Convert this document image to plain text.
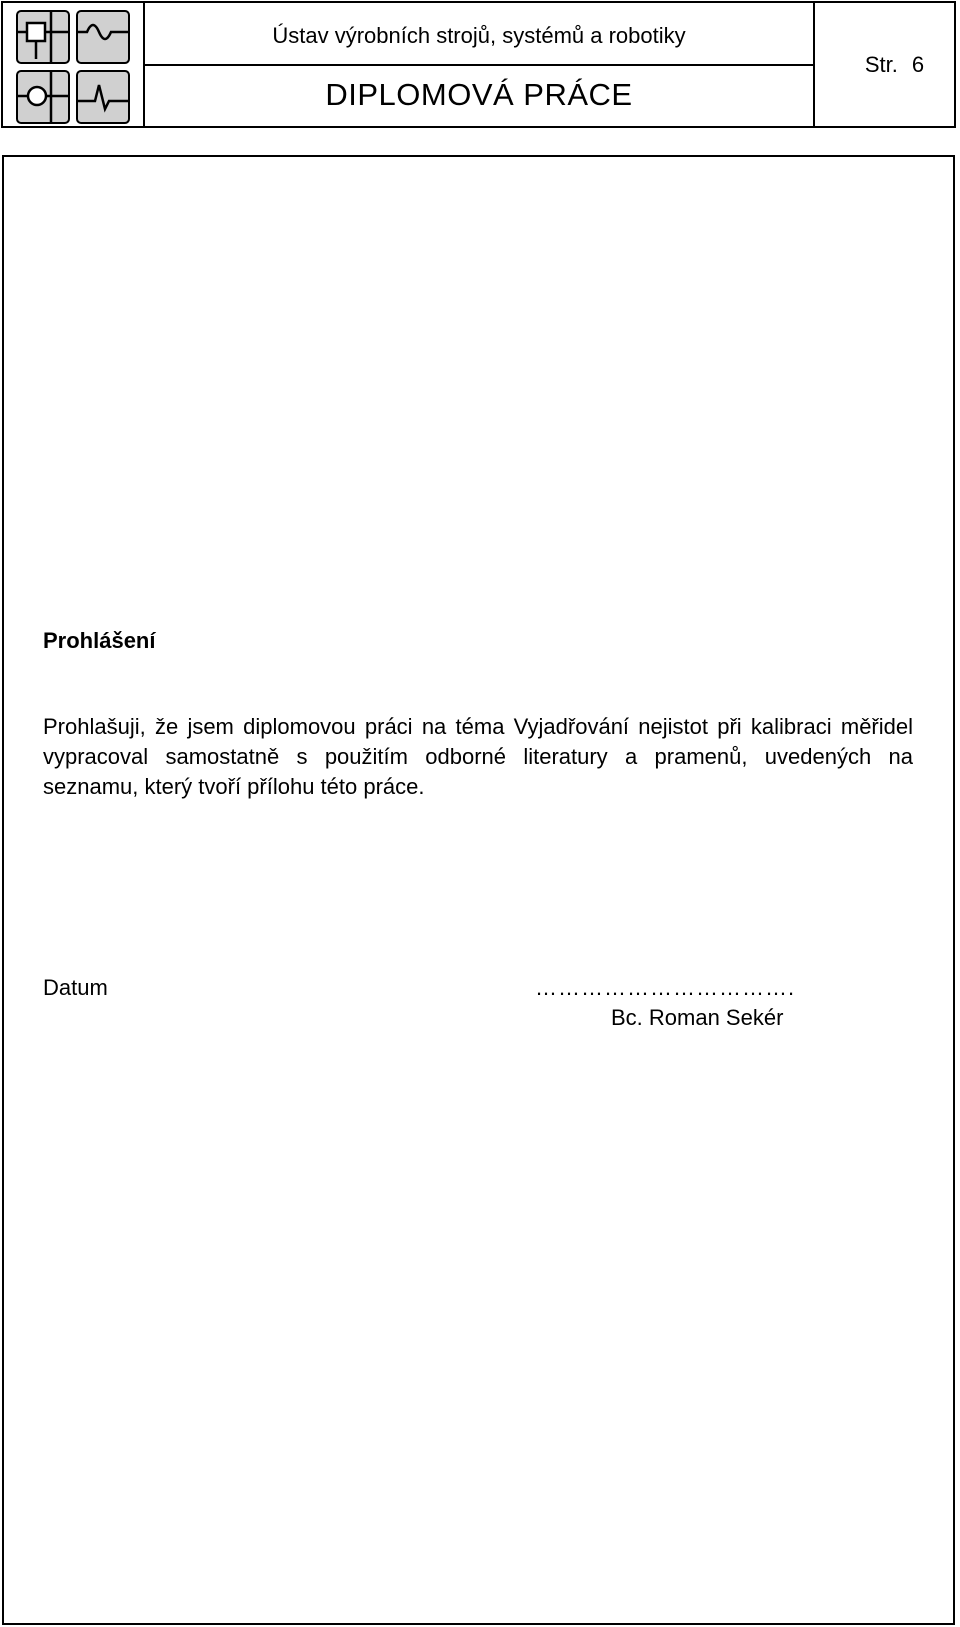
Ústav výrobních strojů, systémů a robotiky
DIPLOMOVÁ PRÁCE
Str. 6
Prohlášení
Prohlašuji, že jsem diplomovou práci na téma Vyjadřování nejistot při kalibraci měřidel vypracoval samostatně s použitím odborné literatury a pramenů, uvedených na seznamu, který tvoří přílohu této práce.
Datum	…………………………….
Bc. Roman Sekér
